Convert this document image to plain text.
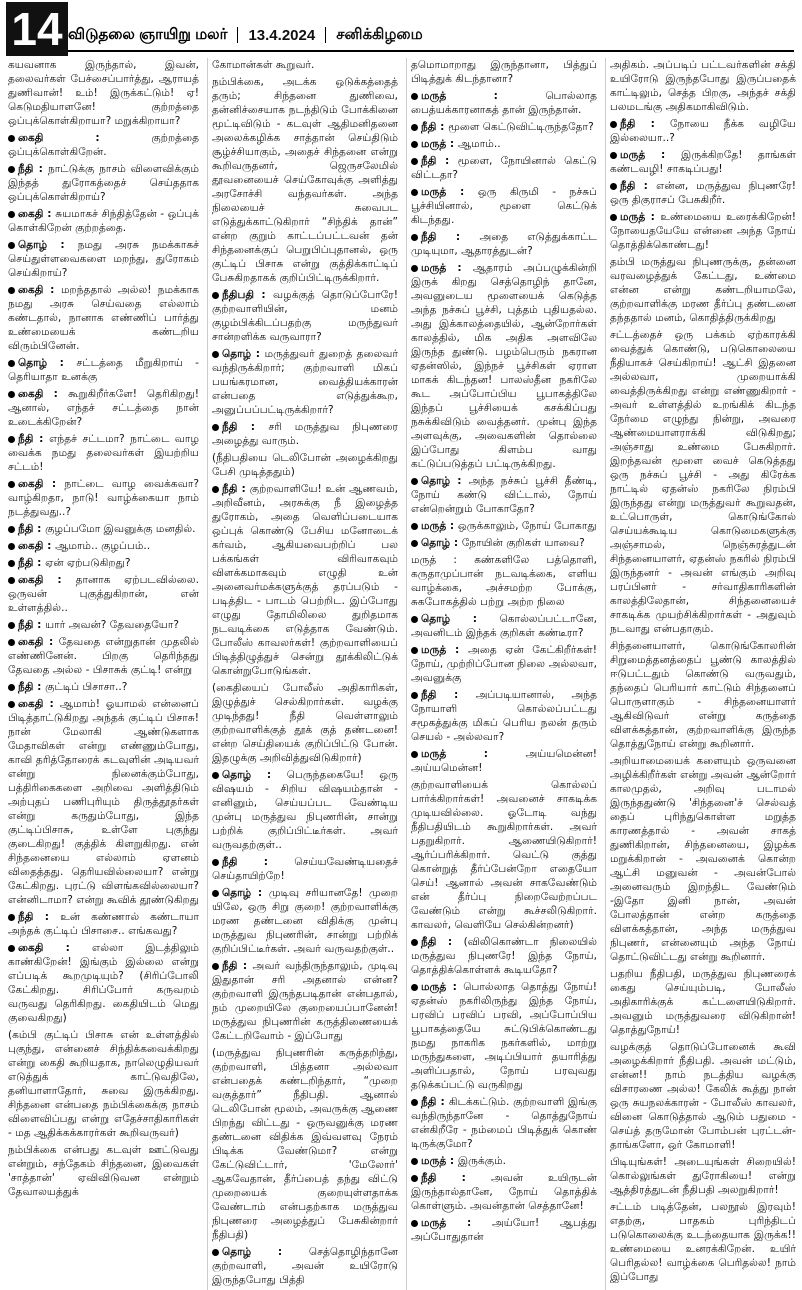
14 விடுதலை ஞாயிறு மலர் 13.4.2024 சனிக்கிழமை

கயவனாக இருந்தால், இவன், தலைவர்கள் பேச்சைப்பார்த்து, ஆராயத் துணிவான்! உம்! இருக்கட்டும்! ஏ! கெடுமதியாளனே! குற்றத்தை ஒப்புக்கொள்கிறாயா? மறுக்கிறாயா?

கைதி : குற்றத்தை ஒப்புக்கொள்கிறேன்.

நீதி : நாட்டுக்கு நாசம் விளைவிக்கும் இந்தத் துரோகத்தைச் செய்ததாக ஒப்புக்கொள்கிறாய்?

கைதி : சுயமாகச் சிந்தித்தேன் - ஒப்புக் கொள்கிறேன் குற்றத்தை.

தொழ் : நமது அரசு நமக்காகச் செய்துள்ளவைகளை மறந்து, துரோகம் செய்கிறாய்?

கைதி : மறந்ததால் அல்ல! நமக்காக நமது அரசு செய்வதை எல்லாம் கண்டதால், நானாக எண்ணிப் பார்த்து உண்மையைக் கண்டறிய விரும்பினேன்.

தொழ் : சட்டத்தை மீறுகிறாய் - தெரியாதா உனக்கு

கைதி : கூறுகிறீர்களே! தெரிகிறது! ஆனால், எந்தச் சட்டத்தை நான் உடைக்கிறேன்?

நீதி : எந்தச் சட்டமா? நாட்டை வாழ வைக்க நமது தலைவர்கள் இயற்றிய சட்டம்!

கைதி : நாட்டை வாழ வைக்கவா? வாழ்கிறதா, நாடு! வாழ்க்கையா நாம் நடத்துவது..?

நீதி : குழப்பமோ இவனுக்கு மனதில்.

கைதி : ஆமாம்.. குழப்பம்..

நீதி : ஏன் ஏற்படுகிறது?

கைதி : தானாக ஏற்படவில்லை. ஒருவன் புகுத்துகிறான், என் உள்ளத்தில்..

நீதி : யார் அவன்? தேவதையோ?

கைதி : தேவதை என்றுதான் முதலில் எண்ணினேன். பிறகு தெரிந்தது தேவதை அல்ல - பிசாசுக் குட்டி! என்று

நீதி : குட்டிப் பிசாசா..?

கைதி : ஆமாம்! ஓயாமல் என்னைப் பிடித்தாட்டுகிறது அந்தக் குட்டிப் பிசாசு! நான் மேலாகி ஆண்டுகளாக மேதாவிகள் என்று எண்ணும்போது, காவி தரித்தோரைக் கடவுளின் அடியவர் என்று நினைக்கும்போது, பத்திரிகைகளை அறிவை அளித்திடும் அற்புதப் பணிபுரியும் திருத்தூதர்கள் என்று கருதும்போது, இந்த குட்டிப்பிசாசு, உள்ளே புகுந்து குடைகிறது! குத்திக் கிளறுகிறது. என் சிந்தனையை எல்லாம் ஏளனம் விதைத்தது. தெரியவில்லையா? என்று கேட்கிறது. புரட்டு விளங்கவில்லையா? என்னிடாமா? என்று கூவிக் தூண்டுகிறது

நீதி : உன் கண்ணால் கண்டாயா அந்தக் குட்டிப் பிசாசை.. எங்கவது?

கைதி : எல்லா இடத்திலும் காண்கிறேன்! இங்கும் இல்லை என்று எப்படிக் கூறமுடியும்? (சிரிப்போலி கேட்கிறது. சிரிப்போர் கருவறம் வருவது தெரிகிறது. கைதியிடம் மெது குவைகிறது)

(கம்பி குட்டிப் பிசாசு என் உள்ளத்தில் புகுந்து, என்னைச் சிந்திக்கவைக்கிறது என்று கைதி கூறியதாக, நாலெழுதியவர் எடுத்துக் காட்டுவதிலே, தனியாளாதோர், சுவை இருக்கிறது. சிந்தனை என்பதை நம்பிக்கைக்கு நாசம் விளைவிப்பது என்று எதேச்சாதிகாரிகள் - மத ஆதிக்கக்காரர்கள் கூறிவருவர்)

நம்பிக்கை என்பது கடவுள் ஊட்டுவது என்றும், சந்தேகம் சிந்தனை, இவைகள் 'சாத்தான்' ஏவிவிடுவன என்றும் தேவாலயத்துக்

கோமான்கள் கூறுவர்.

நம்பிக்கை, அடக்க ஒடுக்கத்தைத் தரும்; சிந்தனை துணிவை, தன்னிச்சையாக நடந்திடும் போக்கினை மூட்டிவிடும் - கடவுள் ஆதிமனிதனை அலைக்கழிக்க சாத்தான் செய்திடும் சூழ்ச்சியாகும், அதைச் சிந்தனை என்று கூறிவருதனர், ஜெருசலேமில் தூவனையைச் செய்கோவுக்கு அளித்து அரசோச்சி வந்தவர்கள். அந்த நிலையைச் சுவைபட எடுத்துக்காட்டுகிறார் “சிந்திக்‌ தான்” என்ற குறும் காட்டப்பட்டவன் தன் சிந்தனைக்குப் பெறுபிப்புதானல், ஒரு குட்டிப் பிசாசு என்று குத்திக்காட்டிப் பேசுகிறதாகக் குறிப்பிட்டிருக்கிறார்.

நீதிபதி : வழக்குத் தொடுப்போரே! குற்றவாளியின், மனம் குழம்பிக்கிடப்பதற்கு மருந்துவர் சான்றளிக்க வருவாரா?

தொழ் : மருத்துவர் துறைத் தலைவர் வந்திருக்கிறார்; குற்றவாளி மிகப் பயங்கரமான, வைத்தியக்காரன் என்பதை எடுத்துக்கூற, அனுப்பப்பட்டிருக்கிறார்?

நீதி : சரி மருத்துவ நிபுணரை அழைத்து வாரும்.

(நீதிபதியை டெலிபோன் அழைக்கிறது பேசி முடித்ததும்)

நீதி : குற்றவாளியே! உன் ஆணவம், அறிவீனம், அரசுக்கு நீ இழைத்த துரோகம், அதை வெளிப்படையாக ஒப்புக் கொண்டு பேசிய மனோடைக் கர்வம், ஆகியவைபற்றிப் பல பக்கங்கள் விரிவாகவும் விளக்கமாகவும் எழுதி உன் அனைவர்மக்களுக்குத் தரப்படும் - படித்திட - பாடம் பெற்றிட. இப்போது எழுது தோமிலிலை துறிதமாக நடவடிக்கை எடுத்தாக வேண்டும். போலீஸ் காவலர்கள்! குற்றவாளியைப் பிடித்திழுத்துச் சென்று தூக்கிலிட்டுக் கொன்றுபோடுங்கள்.

(கைதியைப் போலீஸ் அதிகாரிகள், இழுத்துச் செல்கிறார்கள். வழக்கு முடிந்தது! நீதி வெள்ளாலும் குற்றவாளிக்குத் தூக் குத் தண்டனை! என்ற செய்தியைக் குறிப்பிட்டு போன். இதழுக்கு அறிவித்துவிடுகிறார்)

தொழ் : பெருந்தகையே! ஒரு விஷயம் - சிறிய விஷயம்தான் - எனினும், செய்யப்பட வேண்டிய முன்பு மருத்துவ நிபுணரின், சான்று பற்றிக் குறிப்பிட்டீர்கள். அவர் வருவதற்குள்..

நீதி : செய்யவேண்டியதைச் செய்தாயிற்றே!

தொழ் : முடிவு சரியானதே! முறை யிலே, ஒரு சிறு குறை! குற்றவாளிக்கு மரண தண்டனை விதிக்கு முன்பு மருத்துவ நிபுணரின், சான்று பற்றிக் குறிப்பிட்டீர்கள். அவர் வருவதற்குள்..

நீதி : அவர் வந்திருந்தாலும், முடிவு இதுதான் சரி அதனால் என்ன? குற்றவாளி இருந்தபடிதான் என்பதால், நம் முறையிலே குறையைப்பானேன்! மருத்துவ நிபுணரின் கருத்திணையைக் கேட்டறிவோம் - இப்போது

(மருத்துவ நிபுணரின் கருத்தறிந்து, குற்றவாளி, பித்தனா அல்லவா என்பதைக் கண்டறிந்தார், “முறை வகுத்தார்” நீதிபதி. ஆனால் டெலிபோன் மூலம், அவருக்கு ஆணை பிறந்து விட்டது - ஒருவனுக்கு மரண தண்டனை விதிக்க இவ்வளவு நேரம் பிடிக்க வேண்டுமா? என்று கேட்டுவிட்டார், 'மேலோர்' ஆகவேதான், தீர்ப்பைத் தந்து விட்டு முறையைக் குறையுள்ளதாக்க வேண்டாம் என்பதற்காக மருத்துவ நிபுணரை அழைத்துப் பேசுகின்றார் நீதிபதி)

தொழ் : செத்தொழிந்தானே குற்றவாளி, அவன் உயிரோடு இருந்தபோது பித்தி

தமொமாறாது இருந்தானா, பித்துப் பிடித்துக் கிடந்தானா?

மருத் : பொல்லாத பைத்யக்காரனாகத் தான் இருந்தான்.

நீதி : மூளை கெட்டுவிட்டிருந்ததோ?

மருத் : ஆமாம்..

நீதி : மூளை, நோயினால் கெட்டு விட்டதா?

மருத் : ஒரு கிருமி - நச்சுப் பூச்சியினால், மூளை கெட்டுக் கிடந்தது.

நீதி : அதை எடுத்துக்காட்ட முடியுமா, ஆதாரத்துடன்?

மருத் : ஆதாரம் அப்பழுக்கின்றி இருக் கிறது செத்தொழிந் தானே, அவனுடைய மூளையைக் கெடுத்த அந்த நச்சுப் பூச்சி, புத்தம் புதியதல்ல. அது இக்காலத்தையில், ஆன்றோர்கள் காலத்தில், மிக அதிக அளவிலே இருந்த துண்டு. பழம்பெரும் நகரான ஏதன்ஸில், இந்நச் பூச்சிகள் ஏராள மாகக் கிடந்தன! பாலஸ்தீன நகரிலே கூட அப்போப்பிய பூபாகத்திலே இந்தப் பூச்சியைக் கசக்கிப்பது நசுக்கிவிடும் வைத்தனர். முன்பு இந்த அளவுக்கு, அவைகளின் தொல்லை இப்போது கிளம்ப வாது கட்டுப்படுத்தப் பட்டிருக்கிறது.

தொழ் : அந்த நச்சுப் பூச்சி தீண்டி, நோய் கண்டு விட்டால், நோய் என்றென்றும் போகாதோ?

மருத் : ஒருக்காலும், நோய் போகாது

தொழ் : நோயின் குறிகள் யாவை?

மருத் : கண்களிலே பத்தொளி, கருதாமுப்பான் நடவடிக்கை, எளிய வாழ்க்கை, அச்சமற்ற போக்கு, சுகபோகத்தில் பற்று அற்ற நிலை

தொழ் : கொல்லப்பட்டானே, அவனிடம் இந்தக் குறிகள் கண்டீரா?

மருத் : அதை ஏன் கேட்கிறீர்கள்! நோய், முற்றிப்போன நிலை அல்லவா, அவனுக்கு

நீதி : அப்படியானால், அந்த நோயாளி கொல்லப்பட்டது சமூகத்துக்கு மிகப் பெரிய நலன் தரும் செயல் - அல்லவா?

மருத் : அய்யமென்ன! அய்யமென்ன!

குற்றவாளியைக் கொல்லப் பார்க்கிறார்கள்! அவனைச் சாகடிக்க முடியவில்லை. ஓடோடி வந்து நீதிபதியிடம் கூறுகிறார்கள். அவர் பதறுகிறார். ஆணையிடுகிறார்! ஆர்ப்பரிக்கிறார். வெட்டு குத்து கொன்றுத் தீர்ப்பேன்றோ எதையோ செய்! ஆனால் அவன் சாகவேண்டும் என் தீர்ப்பு நிறைவேற்றப்பட வேண்டும் என்று கூச்சலிடுகிறார். காவலர், வெளியே செல்கின்றனர்)

நீதி : (விலிகொண்டா நிலையில் மருத்துவ நிபுணரே! இந்த நோய், தொத்திக்கொள்ளக் கூடியதோ?

மருத் : பொல்லாத தொத்து நோய்! ஏதன்ஸ் நகரிலிருந்து இந்த நோய், பரவிப் பரவிப் பரவி, அப்போப்பிய பூபாகத்தையே சுட்டுபிக்கொண்டது நமது நாகரிக நகர்களில், மாற்று மருந்துகளை, அடிப்பியார் தயாரித்து அளிப்பதால், நோய் பரவுவது தடுக்கப்பட்டு வருகிறது

நீதி : கிடக்கட்டும். குற்றவாளி இங்கு வந்திருந்தானே - தொத்துநோய் என்கிறீரே - நம்மைப் பிடித்துக் கொண் டிருக்குமோ?

மருத் : இருக்கும்.

நீதி : அவன் உயிருடன் இருந்தால்தானே, நோய் தொத்திக் கொள்ளும். அவன்தான் செத்தானே!

மருத் : அய்யோ! ஆபத்து அப்போதுதான்

அதிகம். அப்படிப் பட்டவர்களின் சக்தி உயிரோடு இருந்தபோது இருப்பதைக் காட்டிலும், செத்த பிறகு, அந்தச் சக்தி பலமடங்கு அதிகமாகிவிடும்.

நீதி : நோயை நீக்க வழியே இல்லையா..?

மருத் : இருக்கிறதே! தாங்கள் கண்டவழி! சாகடிப்பது!

நீதி : என்ன, மருத்துவ நிபுணரே! ஒரு திகுராசப் பேசுகிறீர்.

மருத் : உண்மையை உரைக்கிறேன்! நோயைதயேயே என்னை அந்த நோய் தொத்திக்கொண்டது!

தம்பி மருத்துவ நிபுணருக்கு, தன்னை வரவழைத்துக் கேட்டது, உண்மை என்ன என்று கண்டறியாமலே, குற்றவாளிக்கு மரண தீர்ப்பு தண்டனை தந்ததால் மனம், கொதித்திருக்கிறது

சட்டத்தைச் ஒரு பக்கம் ஏற்காரக்கி வைத்துக் கொண்டு, படுகொலையை நீதியாகச் செய்கிறாய்! ஆட்சி இதனை அல்லவா, முறையாக்கி வைத்திருக்கிறது என்று எண்ணுகிறார் - அவர் உள்ளத்தில் உறங்கிக் கிடந்த நேர்மை எழுந்து நின்று, அவரை ஆண்மையாளராக்கி விடுகிறது; அஞ்சாது உண்மை பேசுகிறார். இறந்தவன் மூளை வைச் கெடுத்தது ஒரு நச்சுப் பூச்சி - அது கிரேக்க நாட்டில் ஏதன்ஸ் நகரிலே நிரம்பி இருந்தது என்று மருத்துவர் கூறுவதன், உட்பொருள், கொடுங்கோல் செய்யக்கூடிய கொடுமைகளுக்கு அஞ்சாமல், நெஞ்சுரத்துடன் சிந்தனையாளர், ஏதன்ஸ் நகரில் நிரம்பி இருந்தனர் - அவன் எங்கும் அறிவு பரப்பினர் - சர்வாதிகாரிகளின் காலத்திலேதான், சிந்தனையைச் சாகடிக்க முயற்சிக்கிறார்கள் - அதுவும் நடவாது என்பதாகும்.

சிந்தனையாளர், கொடுங்கோலரின் சிறுமைத்தனத்தைப் பூண்டு காலத்தில் ஈடுபட்டதும் கொண்டு வருவதும், தந்தைப் பெரியார் காட்டும் சிந்தனைப் பொருளாகும் - சிந்தனையாளர் ஆகிவிடுவர் என்று கருத்தை விளக்கத்தான், குற்றவாளிக்கு இருந்த தொத்துநோய் என்று கூறினார்.

அறியாமையைக் களையும் ஒருவனை அழிக்கிறீர்கள் என்று அவன் ஆன்றோர் காலமுதல், அறிவு படாமல் இருந்ததுண்டு 'சிந்தனை'ச் செல்வத் தைப் புரிந்துகொள்ள மறுத்த காரணத்தால் - அவன் சாகத் துணிகிறான், சிந்தனையை, இழக்க மறுக்கிறான் - அவனைக் கொன்ற ஆட்சி மனுவன் - அவன்போல் அனைவரும் இறந்திட வேண்டும் -இதோ இனி நான், அவன் போலத்தான் என்ற கருத்தை விளக்கத்தான், அந்த மருத்துவ நிபுணர், என்னையும் அந்த நோய் தொட்டுவிட்டது என்று கூறினார்.

பதறிய நீதிபதி, மருத்துவ நிபுணரைக் கைது செய்யும்படி, போலீஸ் அதிகாரிக்குக் கட்டளையிடுகிறார். அவனும் மருத்துவரை விடுகிறான்! தொத்துநோய்!

வழக்குத் தொடுப்போனைக் கூவி அழைக்கிறார் நீதிபதி. அவன் மட்டும், என்ன!! நாம் நடத்திய வழக்கு விசாரணை அல்ல! கேலிக் கூத்து நான் ஒரு சுயநலக்காரன் - போலீஸ் காவலர், வினை கொடுத்தால் ஆடும் பதுமை - செய்த் தருமோன் போம்பன் புரட்டன்- தாங்களோ, ஒர் கோமாளி!

பிடியுங்கள்! அடையுங்கள் சிறையில்! கொல்லுங்கள் துரோகியை! என்று ஆத்திரத்துடன் நீதிபதி அலறுகிறார்!

சட்டம் படித்தேன், பலநூல் இரவும்! எதற்கு, பாதகம் புரிந்திடப் படுகொலைக்கு உடந்தையாக இருக்க!! உண்மையை உனரக்கிறேன். உயிர் பெரிதல்ல! வாழ்க்கை பெரிதல்ல! நாம் இப்போது
